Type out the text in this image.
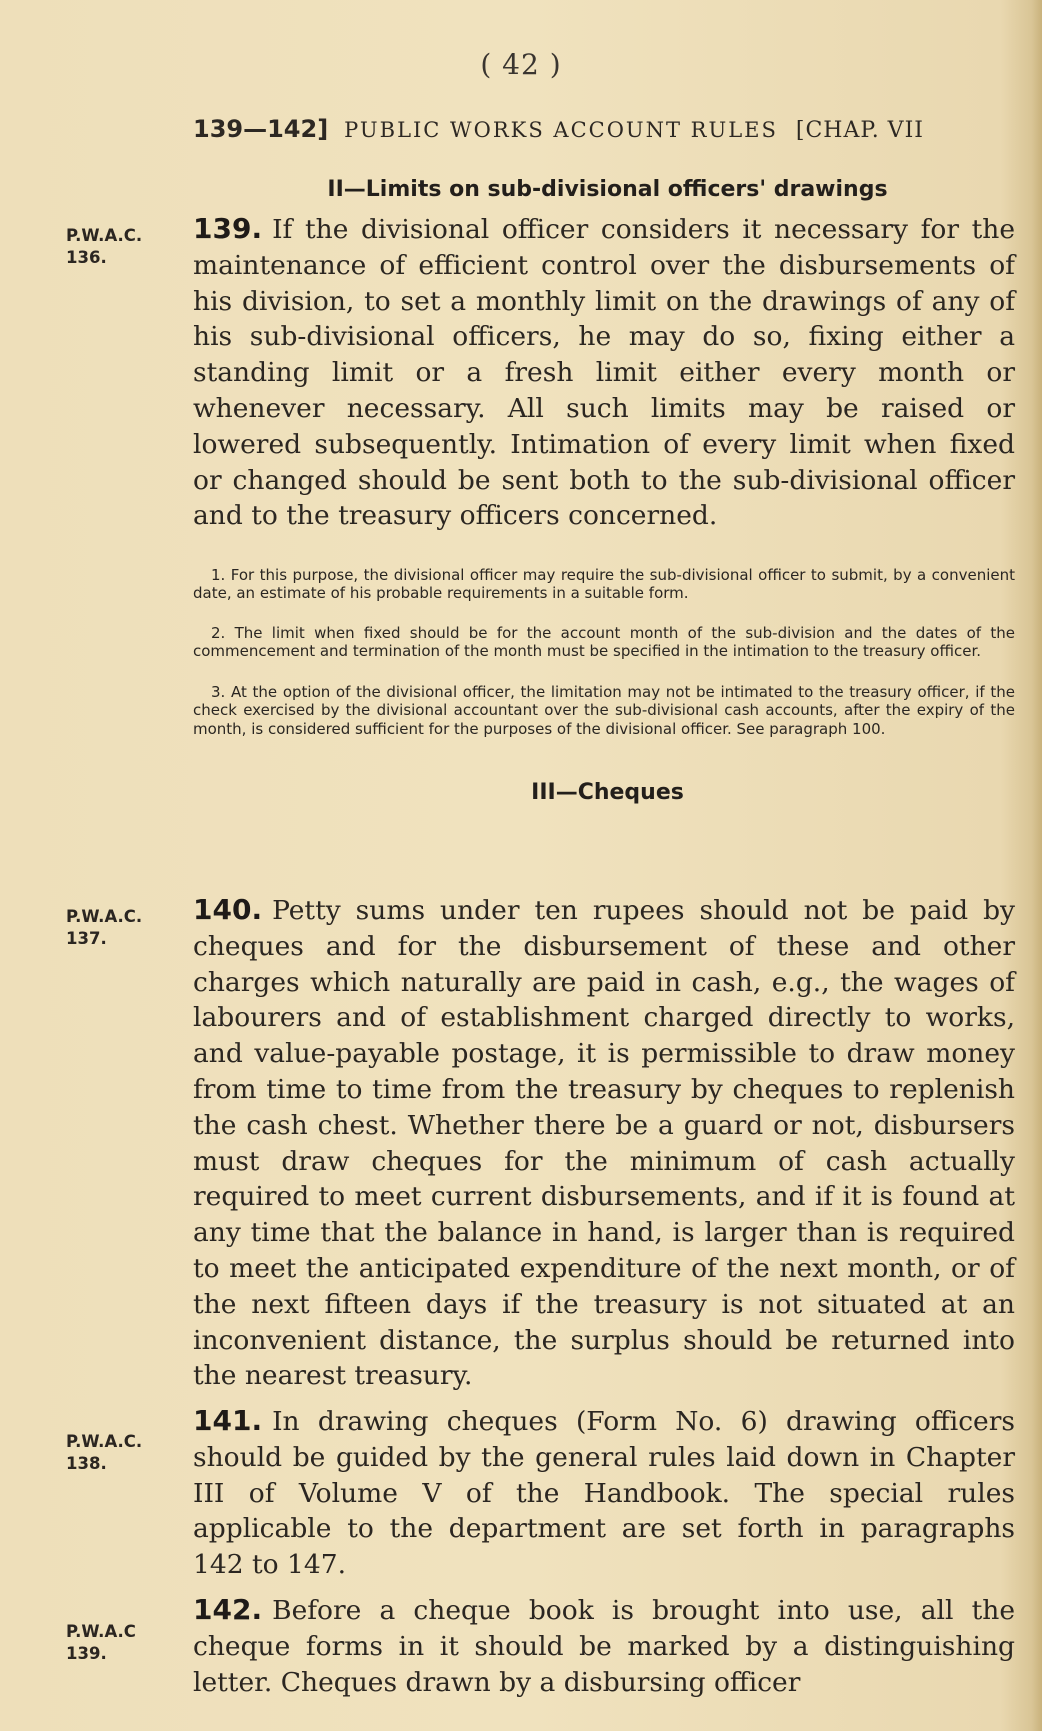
( 42 )
139—142] PUBLIC WORKS ACCOUNT RULES [CHAP. VII
II—Limits on sub-divisional officers' drawings
P.W.A.C.
136.
139. If the divisional officer considers it necessary for the maintenance of efficient control over the disbursements of his division, to set a monthly limit on the drawings of any of his sub-divisional officers, he may do so, fixing either a standing limit or a fresh limit either every month or whenever necessary. All such limits may be raised or lowered subsequently. Intimation of every limit when fixed or changed should be sent both to the sub-divisional officer and to the treasury officers concerned.
1. For this purpose, the divisional officer may require the sub-divisional officer to submit, by a convenient date, an estimate of his probable requirements in a suitable form.
2. The limit when fixed should be for the account month of the sub-division and the dates of the commencement and termination of the month must be specified in the intimation to the treasury officer.
3. At the option of the divisional officer, the limitation may not be intimated to the treasury officer, if the check exercised by the divisional accountant over the sub-divisional cash accounts, after the expiry of the month, is considered sufficient for the purposes of the divisional officer. See paragraph 100.
III—Cheques
P.W.A.C.
137.
140. Petty sums under ten rupees should not be paid by cheques and for the disbursement of these and other charges which naturally are paid in cash, e.g., the wages of labourers and of establishment charged directly to works, and value-payable postage, it is permissible to draw money from time to time from the treasury by cheques to replenish the cash chest. Whether there be a guard or not, disbursers must draw cheques for the minimum of cash actually required to meet current disbursements, and if it is found at any time that the balance in hand, is larger than is required to meet the anticipated expenditure of the next month, or of the next fifteen days if the treasury is not situated at an inconvenient distance, the surplus should be returned into the nearest treasury.
P.W.A.C.
138.
141. In drawing cheques (Form No. 6) drawing officers should be guided by the general rules laid down in Chapter III of Volume V of the Handbook. The special rules applicable to the department are set forth in paragraphs 142 to 147.
P.W.A.C
139.
142. Before a cheque book is brought into use, all the cheque forms in it should be marked by a distinguishing letter. Cheques drawn by a disbursing officer
